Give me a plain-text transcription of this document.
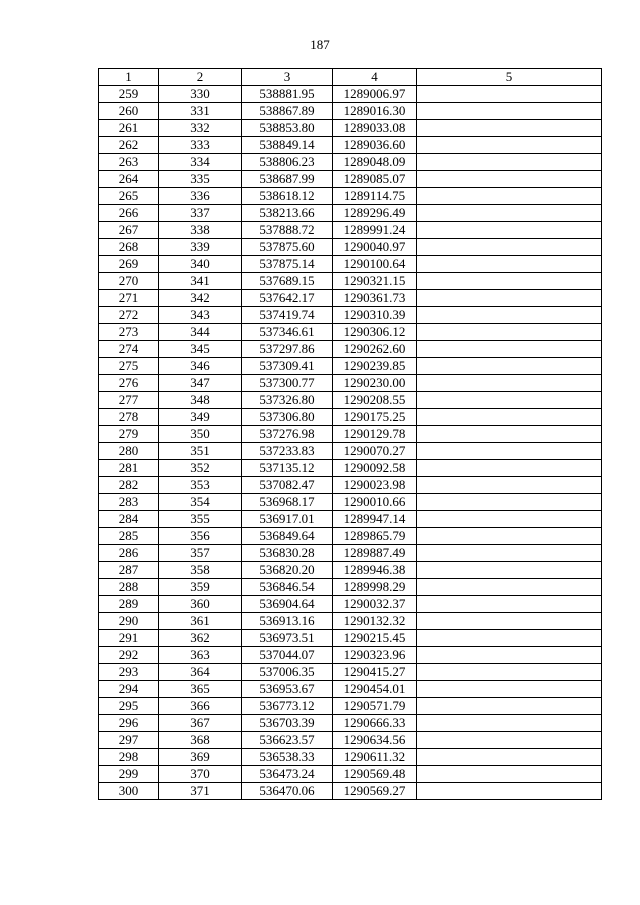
187
1	2	3	4	5
259	330	538881.95	1289006.97	
260	331	538867.89	1289016.30	
261	332	538853.80	1289033.08	
262	333	538849.14	1289036.60	
263	334	538806.23	1289048.09	
264	335	538687.99	1289085.07	
265	336	538618.12	1289114.75	
266	337	538213.66	1289296.49	
267	338	537888.72	1289991.24	
268	339	537875.60	1290040.97	
269	340	537875.14	1290100.64	
270	341	537689.15	1290321.15	
271	342	537642.17	1290361.73	
272	343	537419.74	1290310.39	
273	344	537346.61	1290306.12	
274	345	537297.86	1290262.60	
275	346	537309.41	1290239.85	
276	347	537300.77	1290230.00	
277	348	537326.80	1290208.55	
278	349	537306.80	1290175.25	
279	350	537276.98	1290129.78	
280	351	537233.83	1290070.27	
281	352	537135.12	1290092.58	
282	353	537082.47	1290023.98	
283	354	536968.17	1290010.66	
284	355	536917.01	1289947.14	
285	356	536849.64	1289865.79	
286	357	536830.28	1289887.49	
287	358	536820.20	1289946.38	
288	359	536846.54	1289998.29	
289	360	536904.64	1290032.37	
290	361	536913.16	1290132.32	
291	362	536973.51	1290215.45	
292	363	537044.07	1290323.96	
293	364	537006.35	1290415.27	
294	365	536953.67	1290454.01	
295	366	536773.12	1290571.79	
296	367	536703.39	1290666.33	
297	368	536623.57	1290634.56	
298	369	536538.33	1290611.32	
299	370	536473.24	1290569.48	
300	371	536470.06	1290569.27	
